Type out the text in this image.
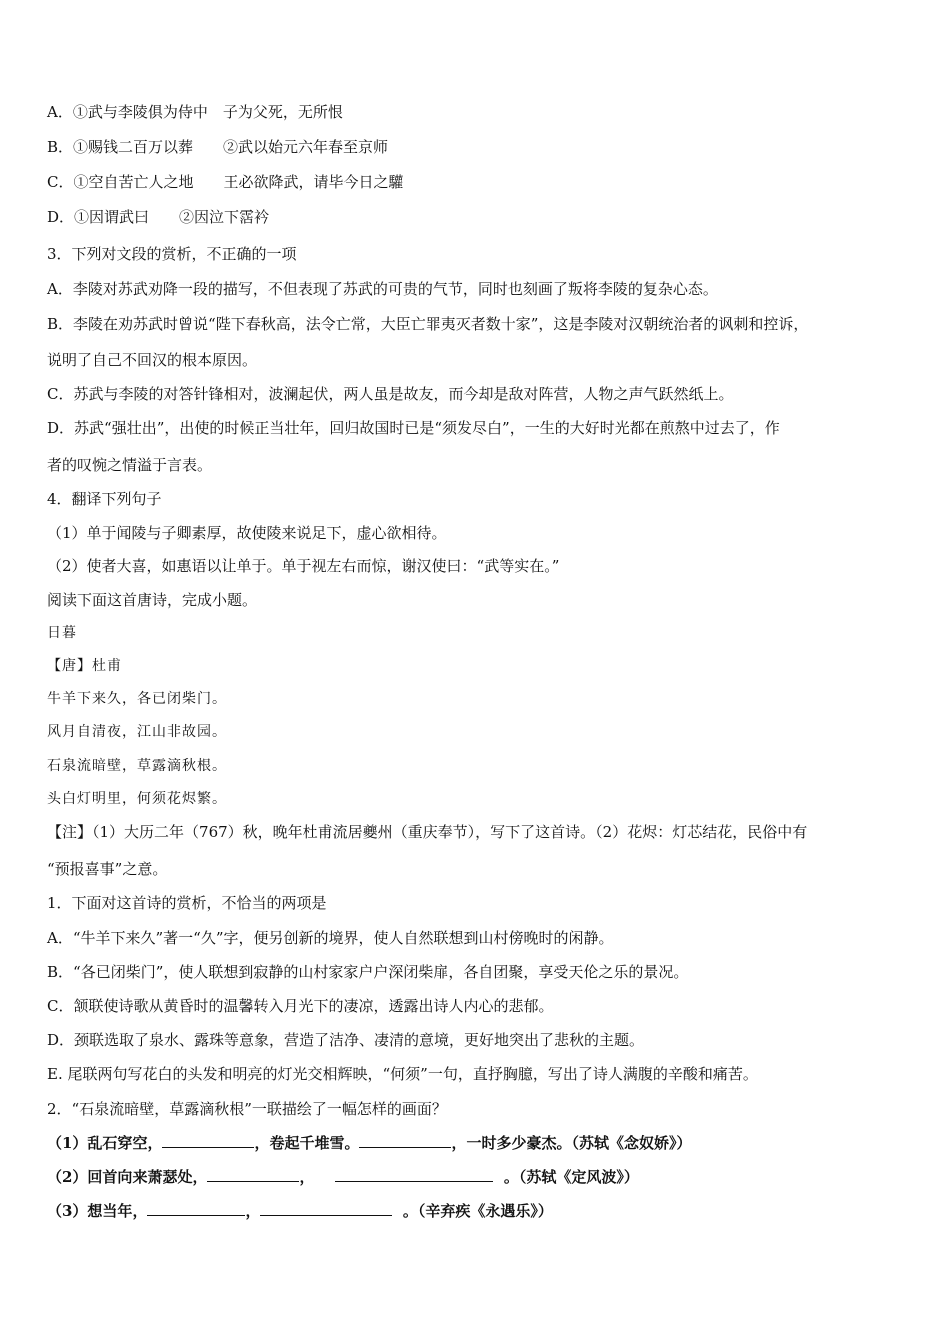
A．①武与李陵俱为侍中　子为父死，无所恨
B．①赐钱二百万以葬　　②武以始元六年春至京师
C．①空自苦亡人之地　　王必欲降武，请毕今日之驩
D．①因谓武曰　　②因泣下霑衿
3．下列对文段的赏析，不正确的一项
A．李陵对苏武劝降一段的描写，不但表现了苏武的可贵的气节，同时也刻画了叛将李陵的复杂心态。
B．李陵在劝苏武时曾说“陛下春秋高，法令亡常，大臣亡罪夷灭者数十家”，这是李陵对汉朝统治者的讽刺和控诉，
说明了自己不回汉的根本原因。
C．苏武与李陵的对答针锋相对，波澜起伏，两人虽是故友，而今却是敌对阵营，人物之声气跃然纸上。
D．苏武“强壮出”，出使的时候正当壮年，回归故国时已是“须发尽白”，一生的大好时光都在煎熬中过去了，作
者的叹惋之情溢于言表。
4．翻译下列句子
（1）单于闻陵与子卿素厚，故使陵来说足下，虚心欲相待。
（2）使者大喜，如惠语以让单于。单于视左右而惊，谢汉使曰：“武等实在。”
阅读下面这首唐诗，完成小题。
日暮
【唐】杜甫
牛羊下来久，各已闭柴门。
风月自清夜，江山非故园。
石泉流暗壁，草露滴秋根。
头白灯明里，何须花烬繁。
【注】（1）大历二年（767）秋，晚年杜甫流居夔州（重庆奉节），写下了这首诗。（2）花烬：灯芯结花，民俗中有
“预报喜事”之意。
1．下面对这首诗的赏析，不恰当的两项是
A．“牛羊下来久”著一“久”字，便另创新的境界，使人自然联想到山村傍晚时的闲静。
B．“各已闭柴门”，使人联想到寂静的山村家家户户深闭柴扉，各自团聚，享受天伦之乐的景况。
C．颔联使诗歌从黄昏时的温馨转入月光下的凄凉，透露出诗人内心的悲郁。
D．颈联选取了泉水、露珠等意象，营造了洁净、凄清的意境，更好地突出了悲秋的主题。
E. 尾联两句写花白的头发和明亮的灯光交相辉映，“何须”一句，直抒胸臆，写出了诗人满腹的辛酸和痛苦。
2．“石泉流暗壁，草露滴秋根”一联描绘了一幅怎样的画面？
（1）乱石穿空，	，卷起千堆雪。	，一时多少豪杰。（苏轼《念奴娇》）
（2）回首向来萧瑟处，	，	。（苏轼《定风波》）
（3）想当年，	，	。（辛弃疾《永遇乐》）
